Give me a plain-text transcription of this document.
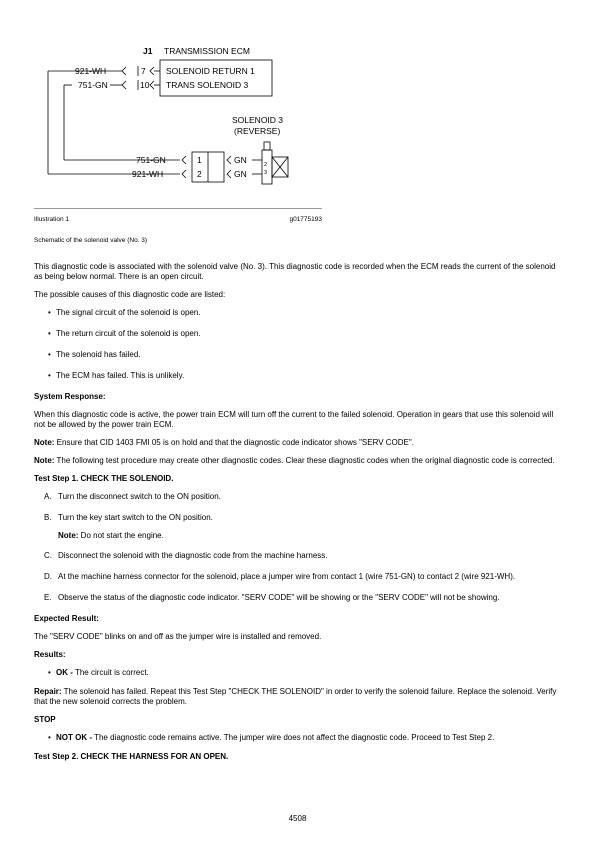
J1 TRANSMISSION ECM
921-WH	7 SOLENOID RETURN 1
751-GN	10 TRANS SOLENOID 3
SOLENOID 3
(REVERSE)
751-GN	1	GN
921-WH	2	GN
2
3
Illustration 1	g01775193
Schematic of the solenoid valve (No. 3)

This diagnostic code is associated with the solenoid valve (No. 3). This diagnostic code is recorded when the ECM reads the current of the solenoid as being below normal. There is an open circuit.

The possible causes of this diagnostic code are listed:

• The signal circuit of the solenoid is open.
• The return circuit of the solenoid is open.
• The solenoid has failed.
• The ECM has failed. This is unlikely.

System Response:

When this diagnostic code is active, the power train ECM will turn off the current to the failed solenoid. Operation in gears that use this solenoid will not be allowed by the power train ECM.

Note: Ensure that CID 1403 FMI 05 is on hold and that the diagnostic code indicator shows "SERV CODE".

Note: The following test procedure may create other diagnostic codes. Clear these diagnostic codes when the original diagnostic code is corrected.

Test Step 1. CHECK THE SOLENOID.

A. Turn the disconnect switch to the ON position.
B. Turn the key start switch to the ON position.
Note: Do not start the engine.
C. Disconnect the solenoid with the diagnostic code from the machine harness.
D. At the machine harness connector for the solenoid, place a jumper wire from contact 1 (wire 751-GN) to contact 2 (wire 921-WH).
E. Observe the status of the diagnostic code indicator. "SERV CODE" will be showing or the "SERV CODE" will not be showing.

Expected Result:

The "SERV CODE" blinks on and off as the jumper wire is installed and removed.

Results:

• OK - The circuit is correct.

Repair: The solenoid has failed. Repeat this Test Step "CHECK THE SOLENOID" in order to verify the solenoid failure. Replace the solenoid. Verify that the new solenoid corrects the problem.

STOP

• NOT OK - The diagnostic code remains active. The jumper wire does not affect the diagnostic code. Proceed to Test Step 2.

Test Step 2. CHECK THE HARNESS FOR AN OPEN.

4508
